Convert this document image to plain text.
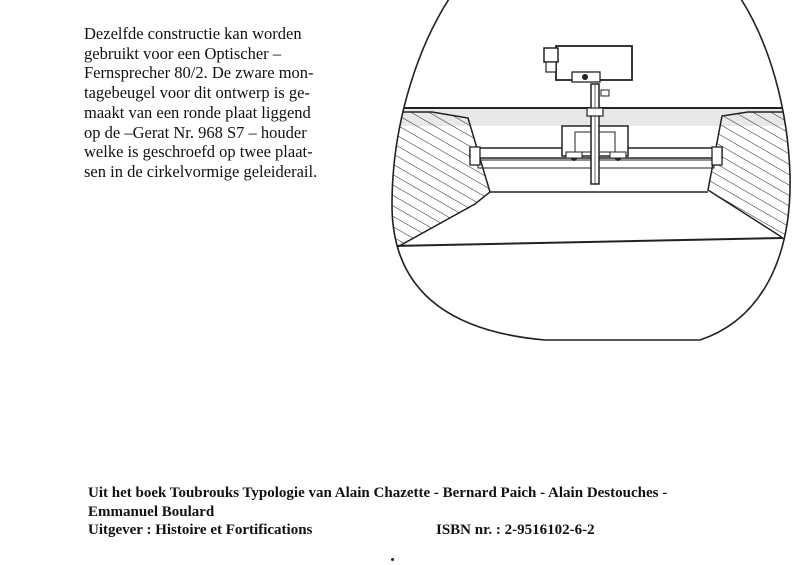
Dezelfde constructie kan worden
gebruikt voor een Optischer –
Fernsprecher 80/2. De zware mon-
tagebeugel voor dit ontwerp is ge-
maakt van een ronde plaat liggend
op de –Gerat Nr. 968 S7 – houder
welke is geschroefd op twee plaat-
sen in de cirkelvormige geleiderail.
Uit het boek Toubrouks Typologie van Alain Chazette - Bernard Paich - Alain Destouches -
Emmanuel Boulard
Uitgever : Histoire et Fortifications	ISBN nr. : 2-9516102-6-2
